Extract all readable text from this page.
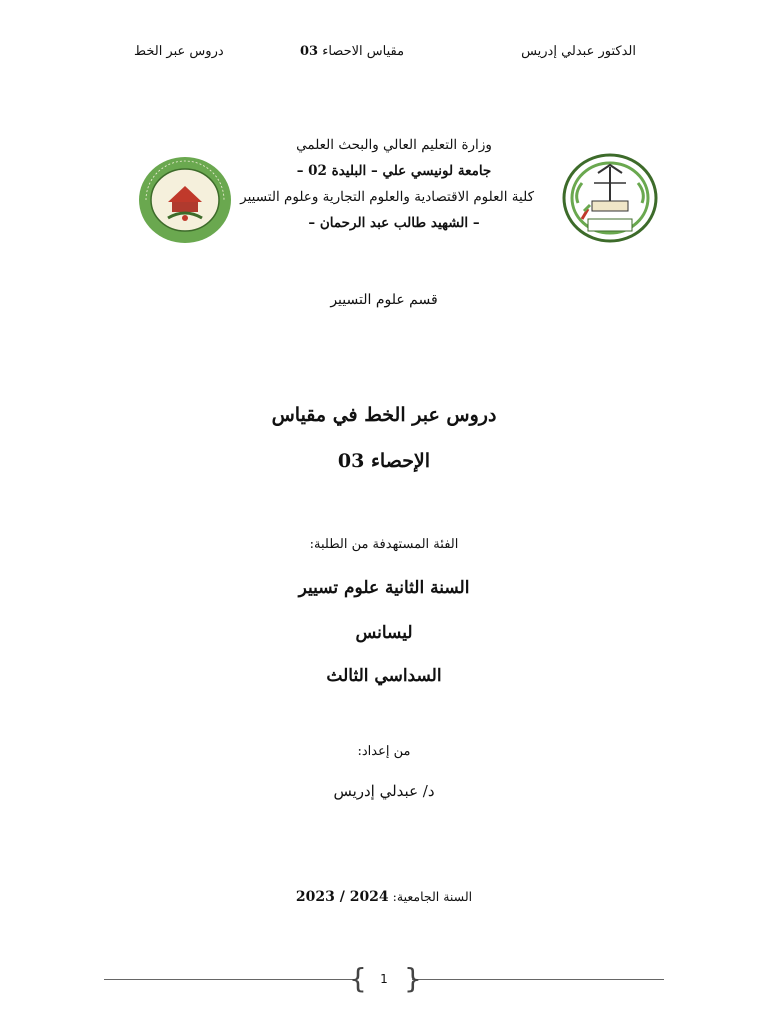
الدكتور عبدلي إدريس
مقياس الاحصاء 03
دروس عبر الخط
وزارة التعليم العالي والبحث العلمي
جامعة لونيسي علي – البليدة 02 –
كلية العلوم الاقتصادية والعلوم التجارية وعلوم التسيير
– الشهيد طالب عبد الرحمان –
قسم علوم التسيير
دروس عبر الخط في مقياس
الإحصاء 03
الفئة المستهدفة من الطلبة:
السنة الثانية علوم تسيير
ليسانس
السداسي الثالث
من إعداد:
د/ عبدلي إدريس
السنة الجامعية: 2023 / 2024
{ }
1
